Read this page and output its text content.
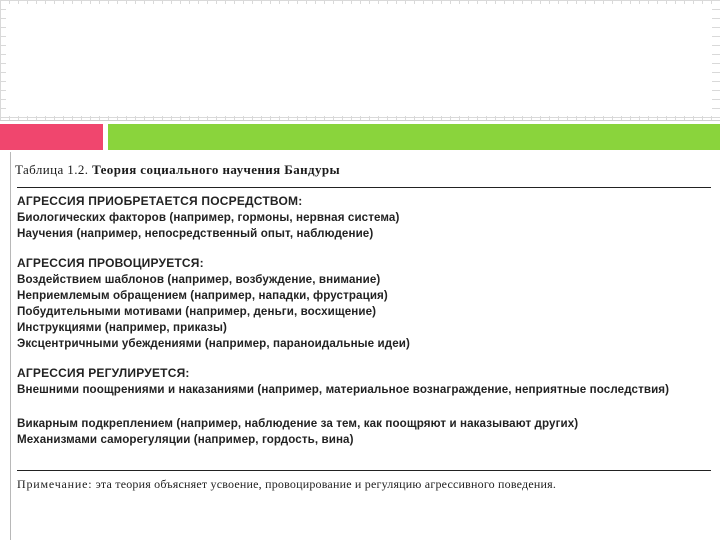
Таблица 1.2. Теория социального научения Бандуры
АГРЕССИЯ ПРИОБРЕТАЕТСЯ ПОСРЕДСТВОМ:
Биологических факторов (например, гормоны, нервная система)
Научения (например, непосредственный опыт, наблюдение)
АГРЕССИЯ ПРОВОЦИРУЕТСЯ:
Воздействием шаблонов (например, возбуждение, внимание)
Неприемлемым обращением (например, нападки, фрустрация)
Побудительными мотивами (например, деньги, восхищение)
Инструкциями (например, приказы)
Эксцентричными убеждениями (например, параноидальные идеи)
АГРЕССИЯ РЕГУЛИРУЕТСЯ:
Внешними поощрениями и наказаниями (например, материальное вознаграждение, неприятные последствия)
Викарным подкреплением (например, наблюдение за тем, как поощряют и наказывают других)
Механизмами саморегуляции (например, гордость, вина)
Примечание: эта теория объясняет усвоение, провоцирование и регуляцию агрессивного поведения.
